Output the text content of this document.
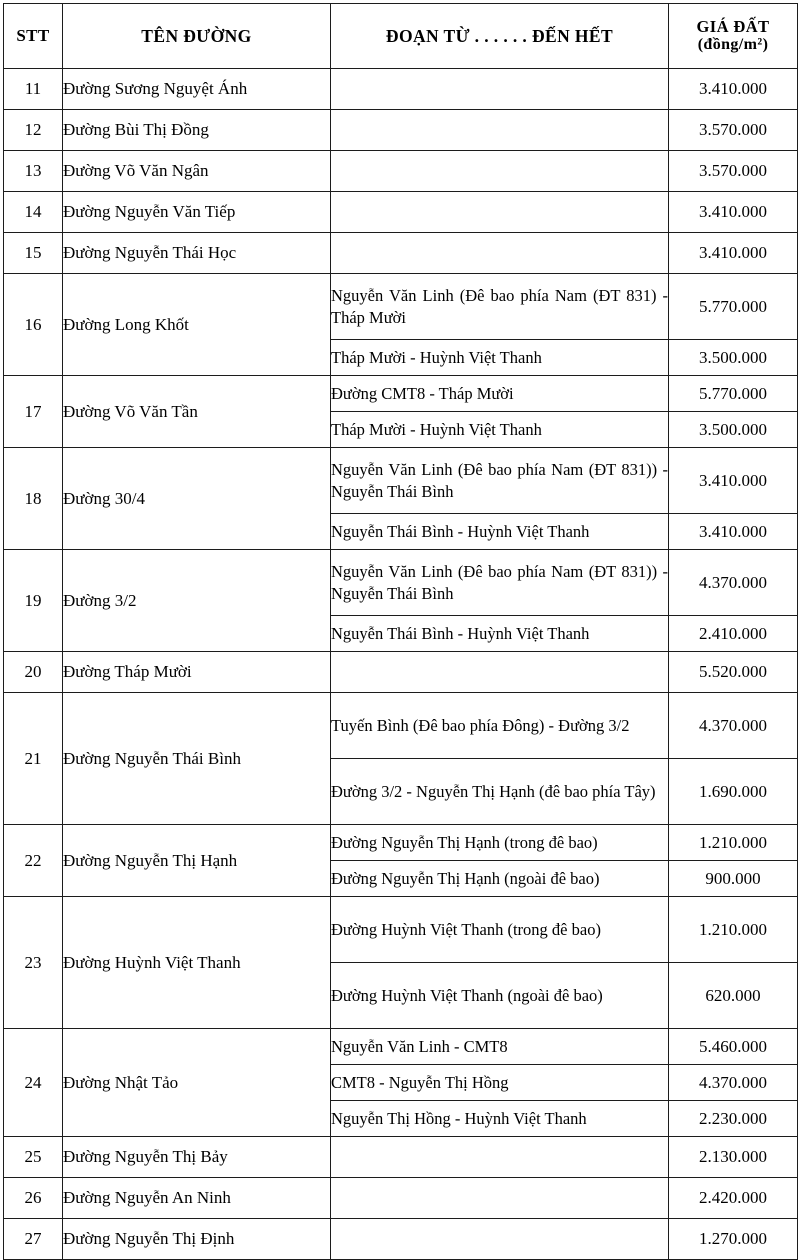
STT	TÊN ĐƯỜNG	ĐOẠN TỪ . . . . . . ĐẾN HẾT	GIÁ ĐẤT
(đồng/m²)

11	Đường Sương Nguyệt Ánh		3.410.000
12	Đường Bùi Thị Đồng		3.570.000
13	Đường Võ Văn Ngân		3.570.000
14	Đường Nguyễn Văn Tiếp		3.410.000
15	Đường Nguyễn Thái Học		3.410.000
16	Đường Long Khốt	Nguyễn Văn Linh (Đê bao phía Nam (ĐT 831) - Tháp Mười	5.770.000
		Tháp Mười - Huỳnh Việt Thanh	3.500.000
17	Đường Võ Văn Tần	Đường CMT8 - Tháp Mười	5.770.000
		Tháp Mười - Huỳnh Việt Thanh	3.500.000
18	Đường 30/4	Nguyễn Văn Linh (Đê bao phía Nam (ĐT 831)) - Nguyễn Thái Bình	3.410.000
		Nguyễn Thái Bình - Huỳnh Việt Thanh	3.410.000
19	Đường 3/2	Nguyễn Văn Linh (Đê bao phía Nam (ĐT 831)) - Nguyễn Thái Bình	4.370.000
		Nguyễn Thái Bình - Huỳnh Việt Thanh	2.410.000
20	Đường Tháp Mười		5.520.000
21	Đường Nguyễn Thái Bình	Tuyến Bình (Đê bao phía Đông) - Đường 3/2	4.370.000
		Đường 3/2 - Nguyễn Thị Hạnh (đê bao phía Tây)	1.690.000
22	Đường Nguyễn Thị Hạnh	Đường Nguyễn Thị Hạnh (trong đê bao)	1.210.000
		Đường Nguyễn Thị Hạnh (ngoài đê bao)	900.000
23	Đường Huỳnh Việt Thanh	Đường Huỳnh Việt Thanh (trong đê bao)	1.210.000
		Đường Huỳnh Việt Thanh (ngoài đê bao)	620.000
24	Đường Nhật Tảo	Nguyễn Văn Linh - CMT8	5.460.000
		CMT8 - Nguyễn Thị Hồng	4.370.000
		Nguyễn Thị Hồng - Huỳnh Việt Thanh	2.230.000
25	Đường Nguyễn Thị Bảy		2.130.000
26	Đường Nguyễn An Ninh		2.420.000
27	Đường Nguyễn Thị Định		1.270.000
